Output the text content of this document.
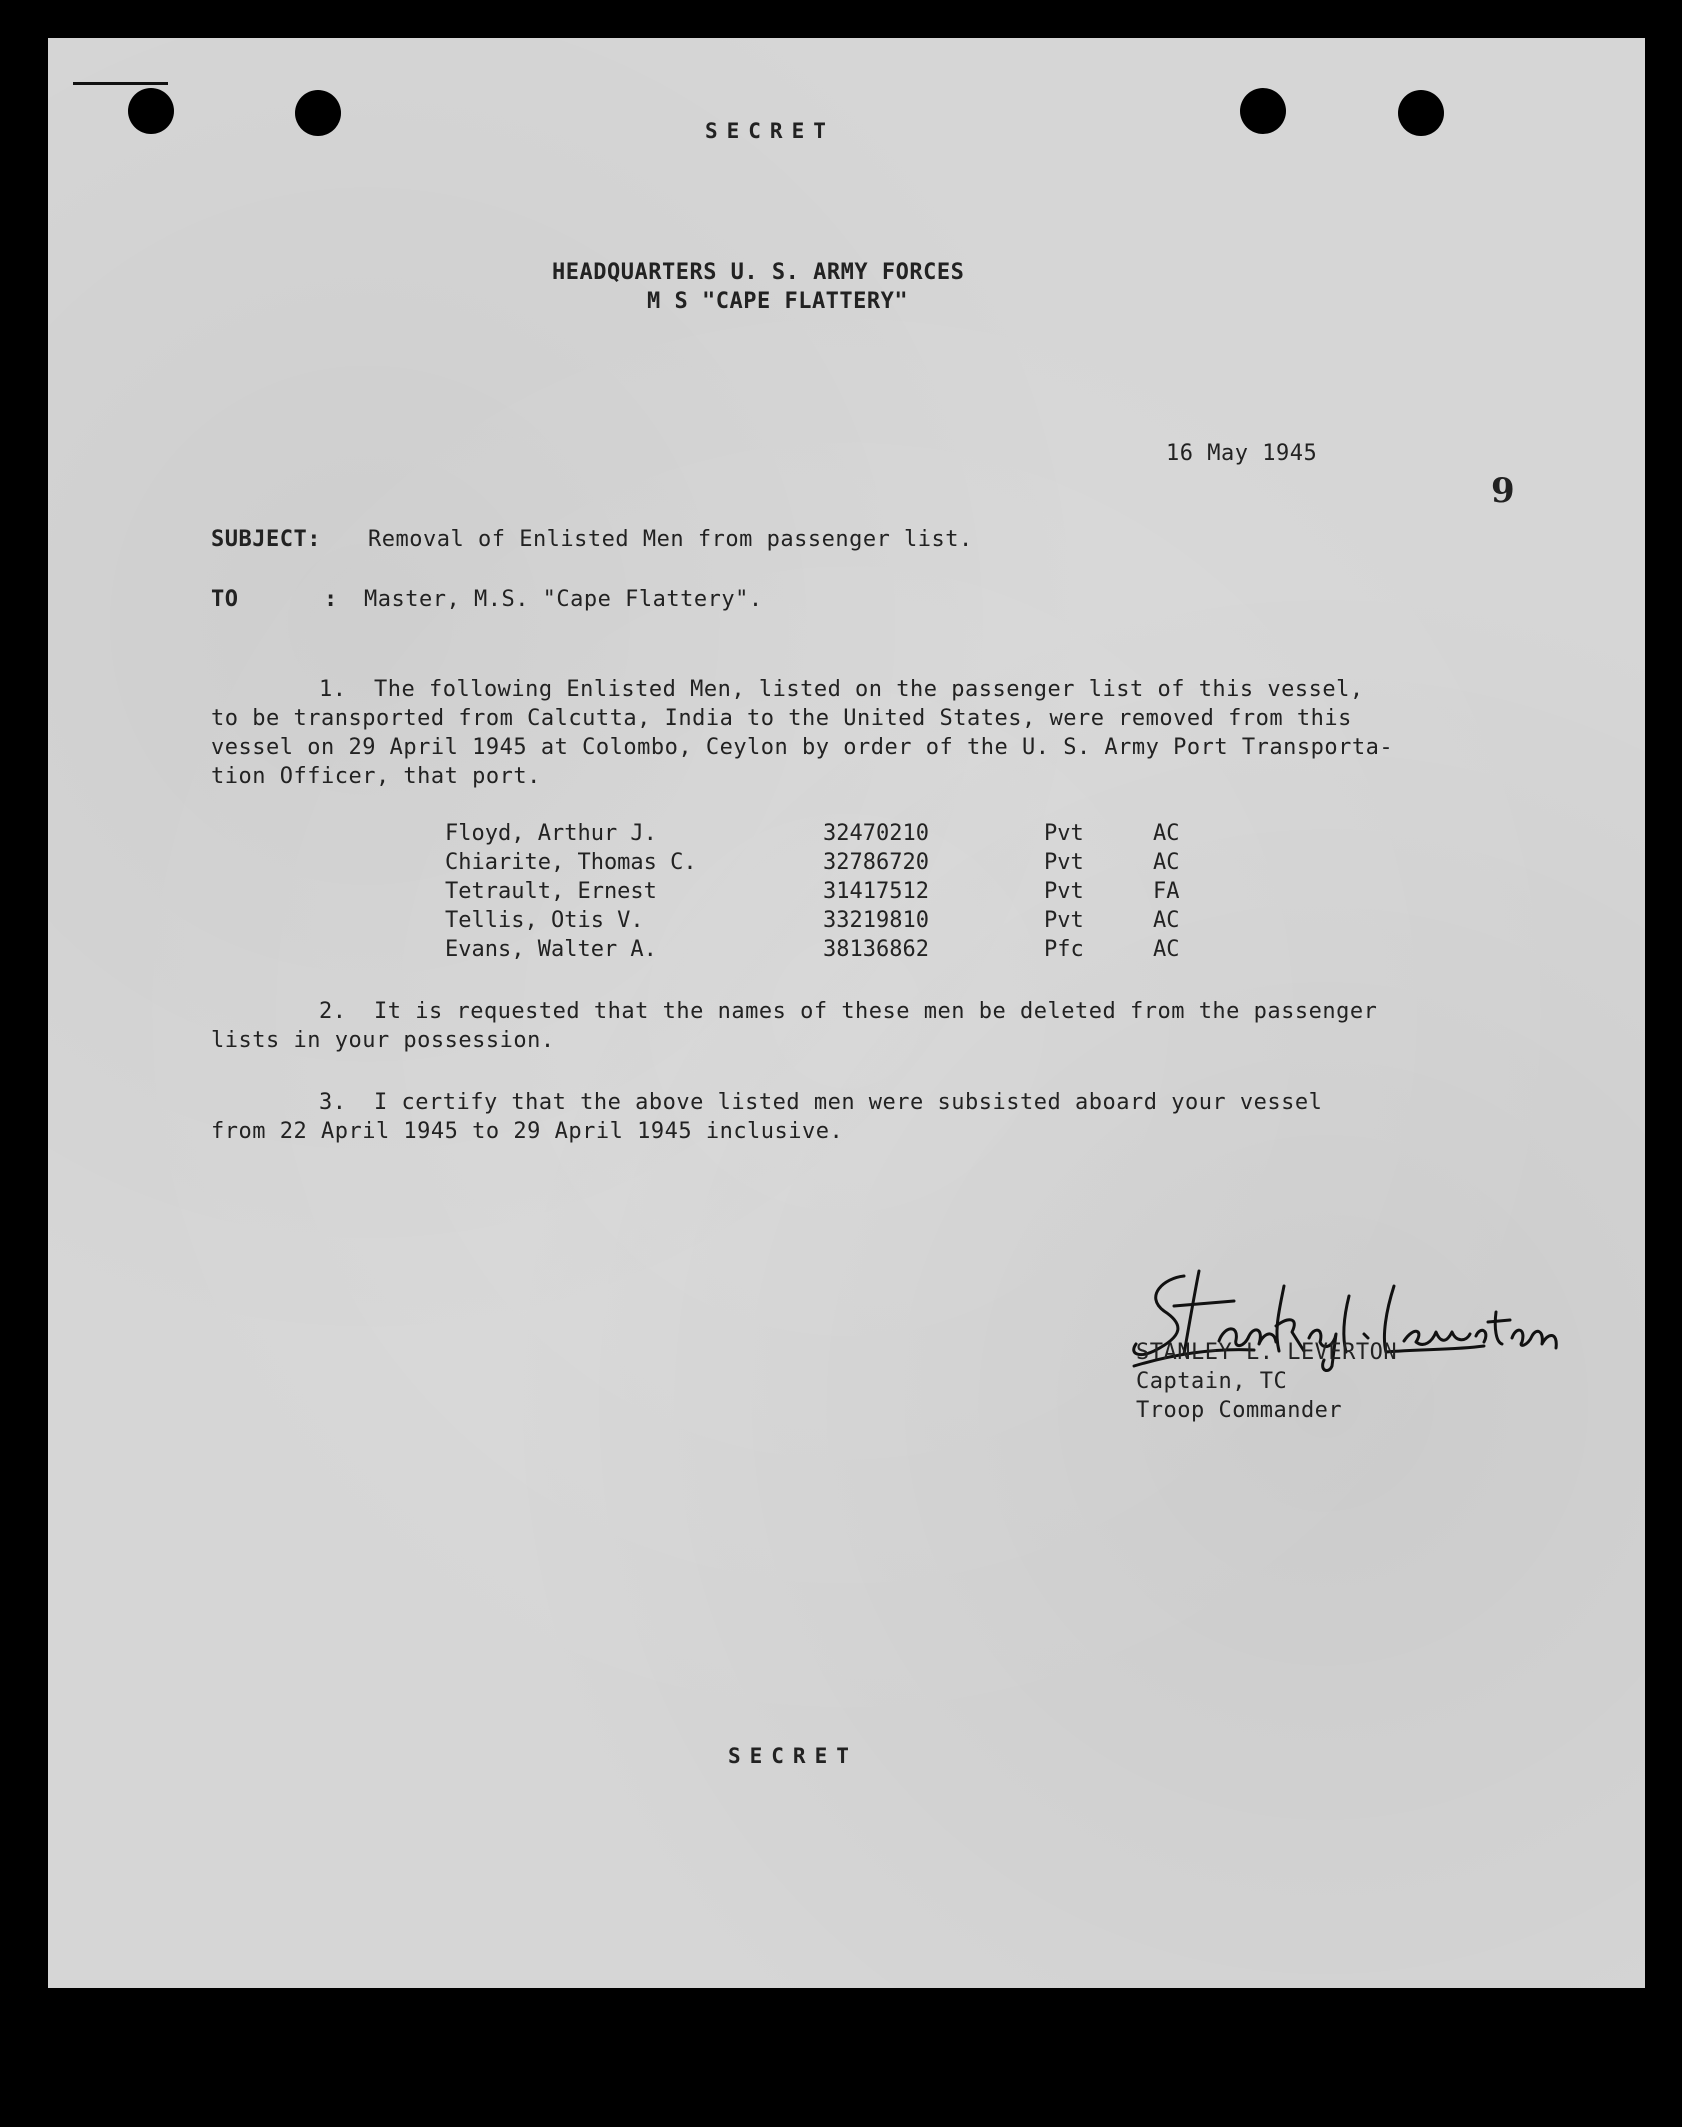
SECRET
HEADQUARTERS U. S. ARMY FORCES
M S "CAPE FLATTERY"
16 May 1945
9
SUBJECT: Removal of Enlisted Men from passenger list.
TO	: Master, M.S. "Cape Flattery".
1.  The following Enlisted Men, listed on the passenger list of this vessel,
to be transported from Calcutta, India to the United States, were removed from this
vessel on 29 April 1945 at Colombo, Ceylon by order of the U. S. Army Port Transporta-
tion Officer, that port.
Floyd, Arthur J.	32470210	Pvt	AC
Chiarite, Thomas C.	32786720	Pvt	AC
Tetrault, Ernest	31417512	Pvt	FA
Tellis, Otis V.	33219810	Pvt	AC
Evans, Walter A.	38136862	Pfc	AC
2.  It is requested that the names of these men be deleted from the passenger
lists in your possession.
3.  I certify that the above listed men were subsisted aboard your vessel
from 22 April 1945 to 29 April 1945 inclusive.
STANLEY L. LEVERTON
Captain, TC
Troop Commander
SECRET
